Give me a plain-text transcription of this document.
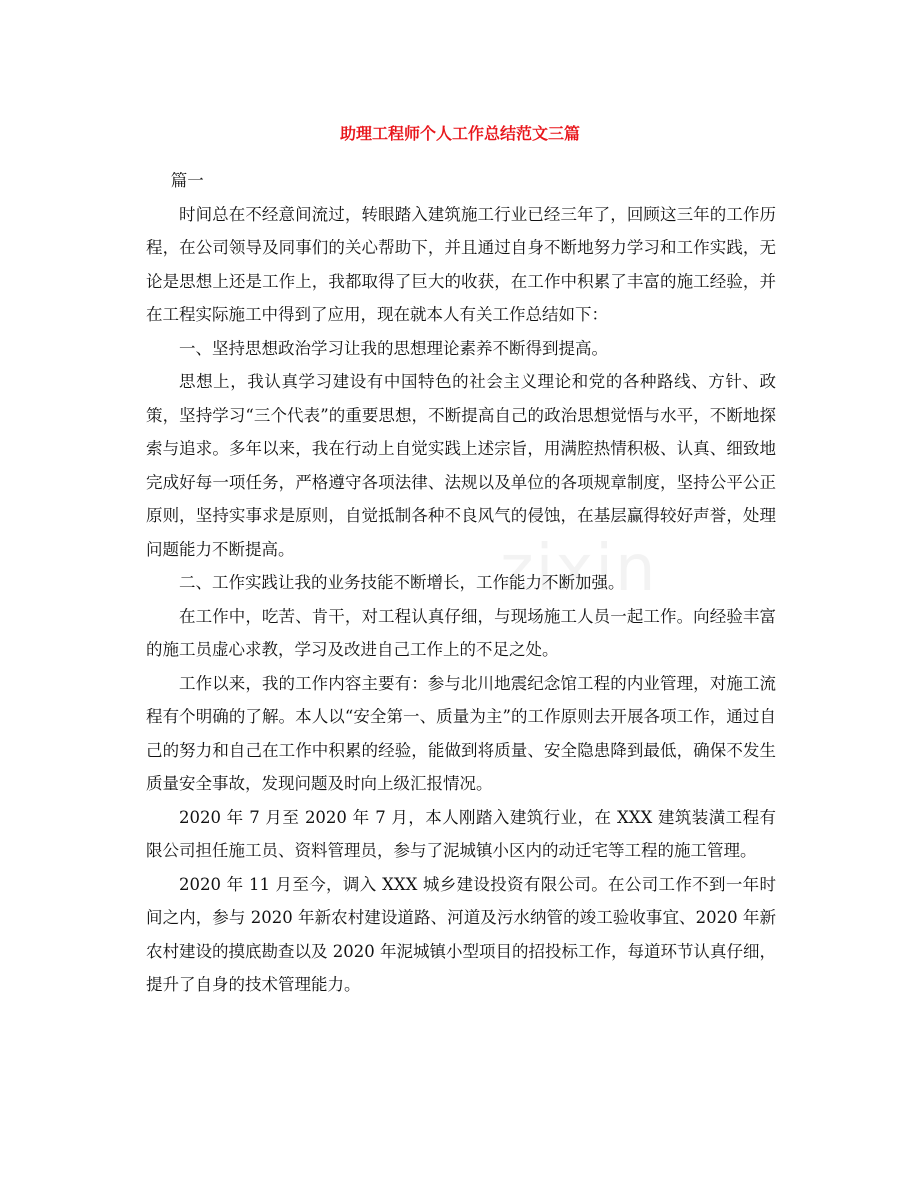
助理工程师个人工作总结范文三篇

篇一

时间总在不经意间流过，转眼踏入建筑施工行业已经三年了，回顾这三年的工作历程，在公司领导及同事们的关心帮助下，并且通过自身不断地努力学习和工作实践，无论是思想上还是工作上，我都取得了巨大的收获，在工作中积累了丰富的施工经验，并在工程实际施工中得到了应用，现在就本人有关工作总结如下：

一、坚持思想政治学习让我的思想理论素养不断得到提高。

思想上，我认真学习建设有中国特色的社会主义理论和党的各种路线、方针、政策，坚持学习“三个代表”的重要思想，不断提高自己的政治思想觉悟与水平，不断地探索与追求。多年以来，我在行动上自觉实践上述宗旨，用满腔热情积极、认真、细致地完成好每一项任务，严格遵守各项法律、法规以及单位的各项规章制度，坚持公平公正原则，坚持实事求是原则，自觉抵制各种不良风气的侵蚀，在基层赢得较好声誉，处理问题能力不断提高。

二、工作实践让我的业务技能不断增长，工作能力不断加强。

在工作中，吃苦、肯干，对工程认真仔细，与现场施工人员一起工作。向经验丰富的施工员虚心求教，学习及改进自己工作上的不足之处。

工作以来，我的工作内容主要有：参与北川地震纪念馆工程的内业管理，对施工流程有个明确的了解。本人以“安全第一、质量为主”的工作原则去开展各项工作，通过自己的努力和自己在工作中积累的经验，能做到将质量、安全隐患降到最低，确保不发生质量安全事故，发现问题及时向上级汇报情况。

2020 年 7 月至 2020 年 7 月，本人刚踏入建筑行业，在 XXX 建筑装潢工程有限公司担任施工员、资料管理员，参与了泥城镇小区内的动迁宅等工程的施工管理。

2020 年 11 月至今，调入 XXX 城乡建设投资有限公司。在公司工作不到一年时间之内，参与 2020 年新农村建设道路、河道及污水纳管的竣工验收事宜、2020 年新农村建设的摸底勘查以及 2020 年泥城镇小型项目的招投标工作，每道环节认真仔细，提升了自身的技术管理能力。
